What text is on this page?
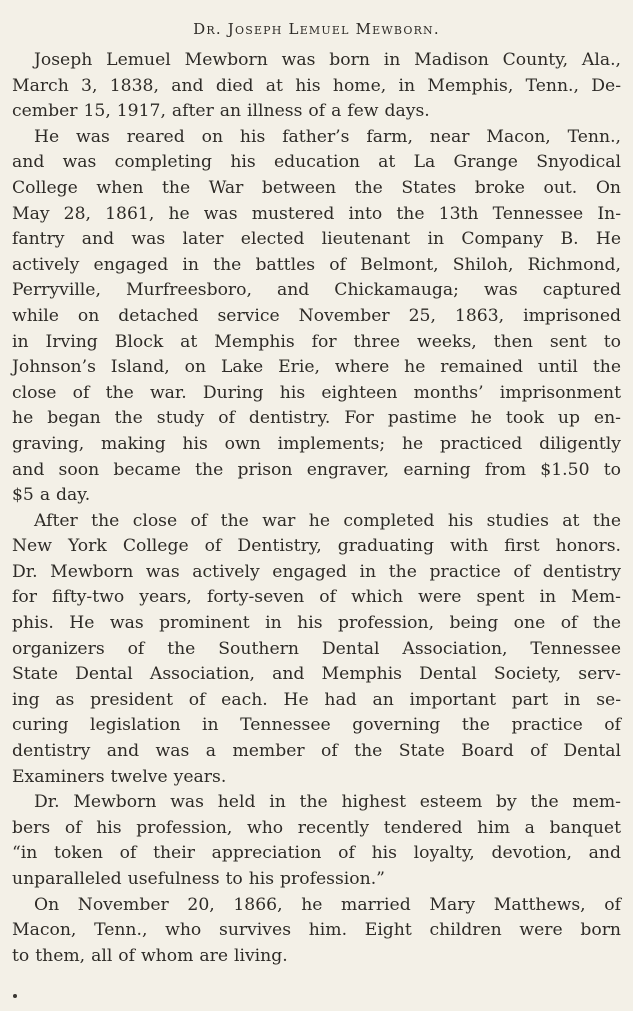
Dr. Joseph Lemuel Mewborn.
Joseph Lemuel Mewborn was born in Madison County, Ala.,
March 3, 1838, and died at his home, in Memphis, Tenn., De-
cember 15, 1917, after an illness of a few days.
He was reared on his father’s farm, near Macon, Tenn.,
and was completing his education at La Grange Snyodical
College when the War between the States broke out. On
May 28, 1861, he was mustered into the 13th Tennessee In-
fantry and was later elected lieutenant in Company B. He
actively engaged in the battles of Belmont, Shiloh, Richmond,
Perryville, Murfreesboro, and Chickamauga; was captured
while on detached service November 25, 1863, imprisoned
in Irving Block at Memphis for three weeks, then sent to
Johnson’s Island, on Lake Erie, where he remained until the
close of the war. During his eighteen months’ imprisonment
he began the study of dentistry. For pastime he took up en-
graving, making his own implements; he practiced diligently
and soon became the prison engraver, earning from $1.50 to
$5 a day.
After the close of the war he completed his studies at the
New York College of Dentistry, graduating with first honors.
Dr. Mewborn was actively engaged in the practice of dentistry
for fifty-two years, forty-seven of which were spent in Mem-
phis. He was prominent in his profession, being one of the
organizers of the Southern Dental Association, Tennessee
State Dental Association, and Memphis Dental Society, serv-
ing as president of each. He had an important part in se-
curing legislation in Tennessee governing the practice of
dentistry and was a member of the State Board of Dental
Examiners twelve years.
Dr. Mewborn was held in the highest esteem by the mem-
bers of his profession, who recently tendered him a banquet
“in token of their appreciation of his loyalty, devotion, and
unparalleled usefulness to his profession.”
On November 20, 1866, he married Mary Matthews, of
Macon, Tenn., who survives him. Eight children were born
to them, all of whom are living.
